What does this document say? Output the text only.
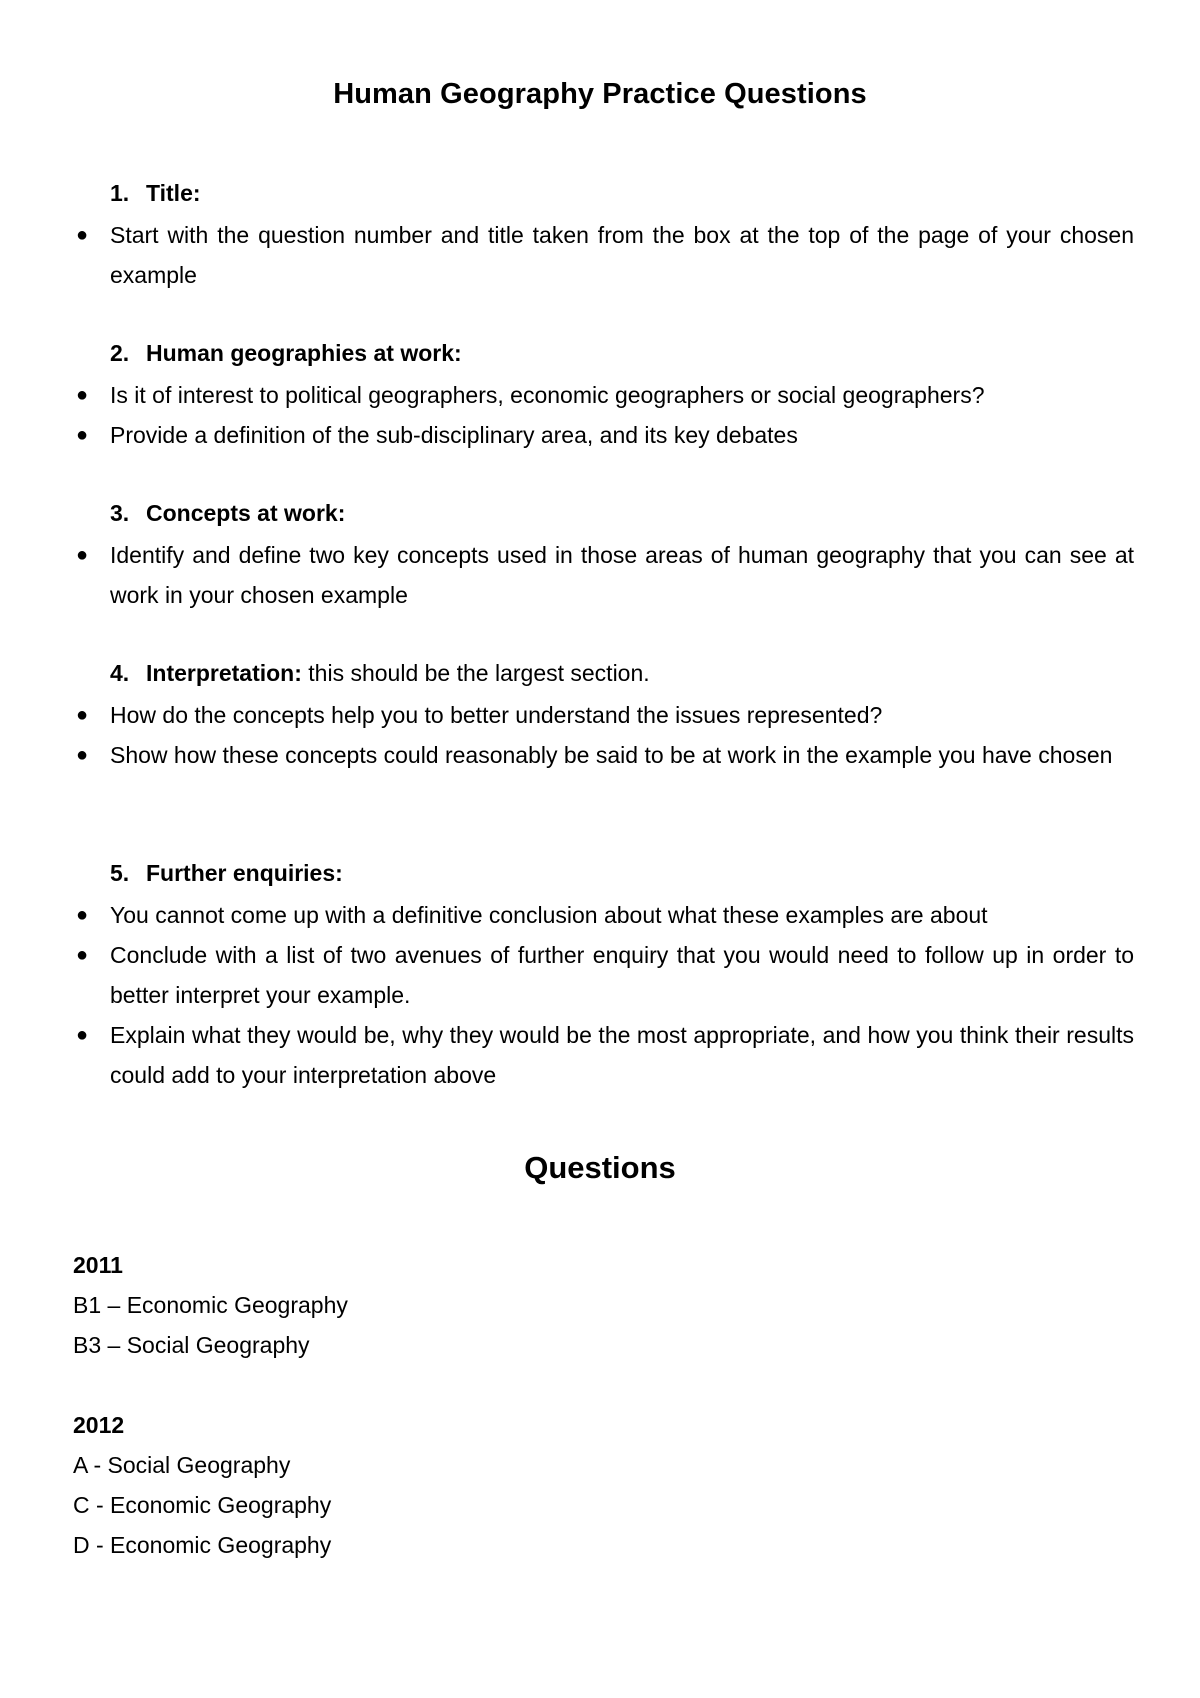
Human Geography Practice Questions
1. Title:
● Start with the question number and title taken from the box at the top of the page of your chosen example
2. Human geographies at work:
● Is it of interest to political geographers, economic geographers or social geographers?
● Provide a definition of the sub-disciplinary area, and its key debates
3. Concepts at work:
● Identify and define two key concepts used in those areas of human geography that you can see at work in your chosen example
4. Interpretation: this should be the largest section.
● How do the concepts help you to better understand the issues represented?
● Show how these concepts could reasonably be said to be at work in the example you have chosen
5. Further enquiries:
● You cannot come up with a definitive conclusion about what these examples are about
● Conclude with a list of two avenues of further enquiry that you would need to follow up in order to better interpret your example.
● Explain what they would be, why they would be the most appropriate, and how you think their results could add to your interpretation above
Questions
2011
B1 – Economic Geography
B3 – Social Geography
2012
A - Social Geography
C - Economic Geography
D - Economic Geography
